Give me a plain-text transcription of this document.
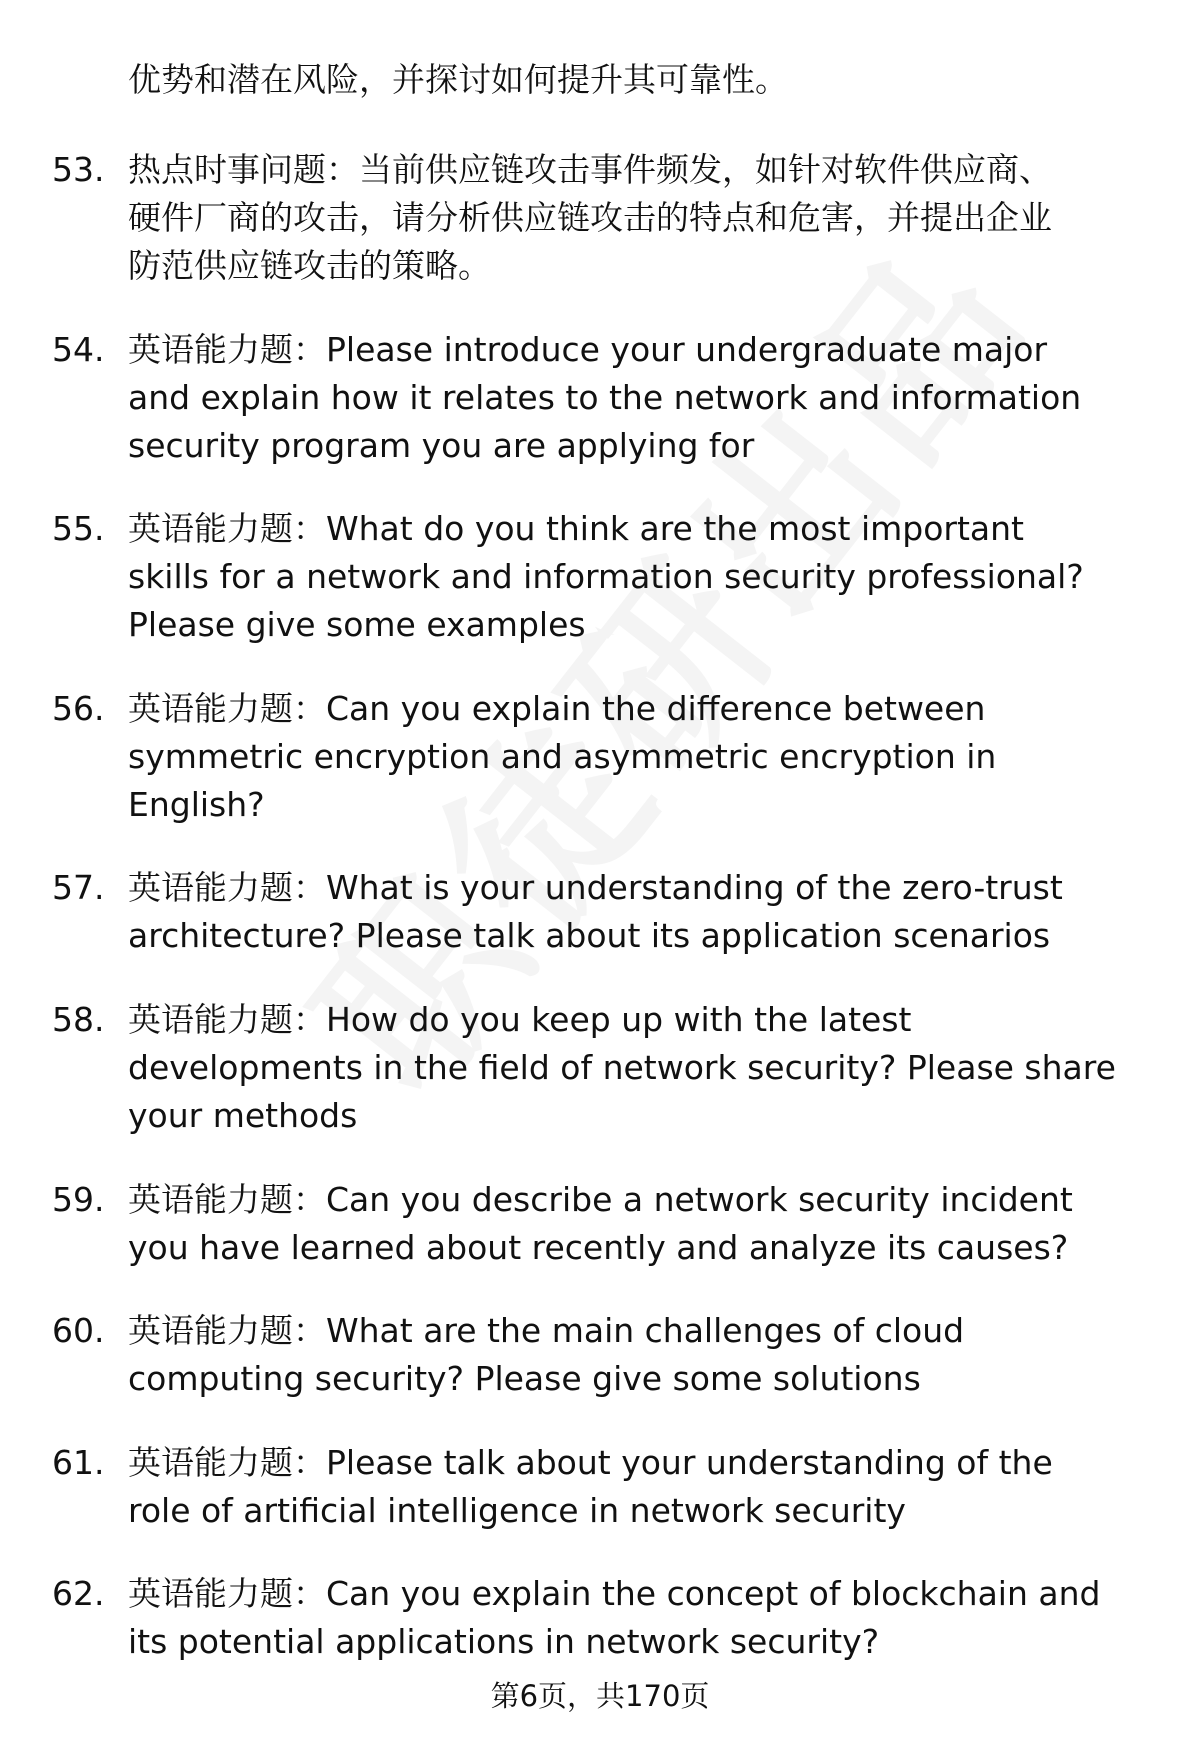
优势和潜在风险，并探讨如何提升其可靠性。
53. 热点时事问题：当前供应链攻击事件频发，如针对软件供应商、
硬件厂商的攻击，请分析供应链攻击的特点和危害，并提出企业
防范供应链攻击的策略。
54. 英语能力题：Please introduce your undergraduate major
and explain how it relates to the network and information
security program you are applying for
55. 英语能力题：What do you think are the most important
skills for a network and information security professional?
Please give some examples
56. 英语能力题：Can you explain the difference between
symmetric encryption and asymmetric encryption in
English?
57. 英语能力题：What is your understanding of the zero-trust
architecture? Please talk about its application scenarios
58. 英语能力题：How do you keep up with the latest
developments in the field of network security? Please share
your methods
59. 英语能力题：Can you describe a network security incident
you have learned about recently and analyze its causes?
60. 英语能力题：What are the main challenges of cloud
computing security? Please give some solutions
61. 英语能力题：Please talk about your understanding of the
role of artificial intelligence in network security
62. 英语能力题：Can you explain the concept of blockchain and
its potential applications in network security?
第6页，共170页
